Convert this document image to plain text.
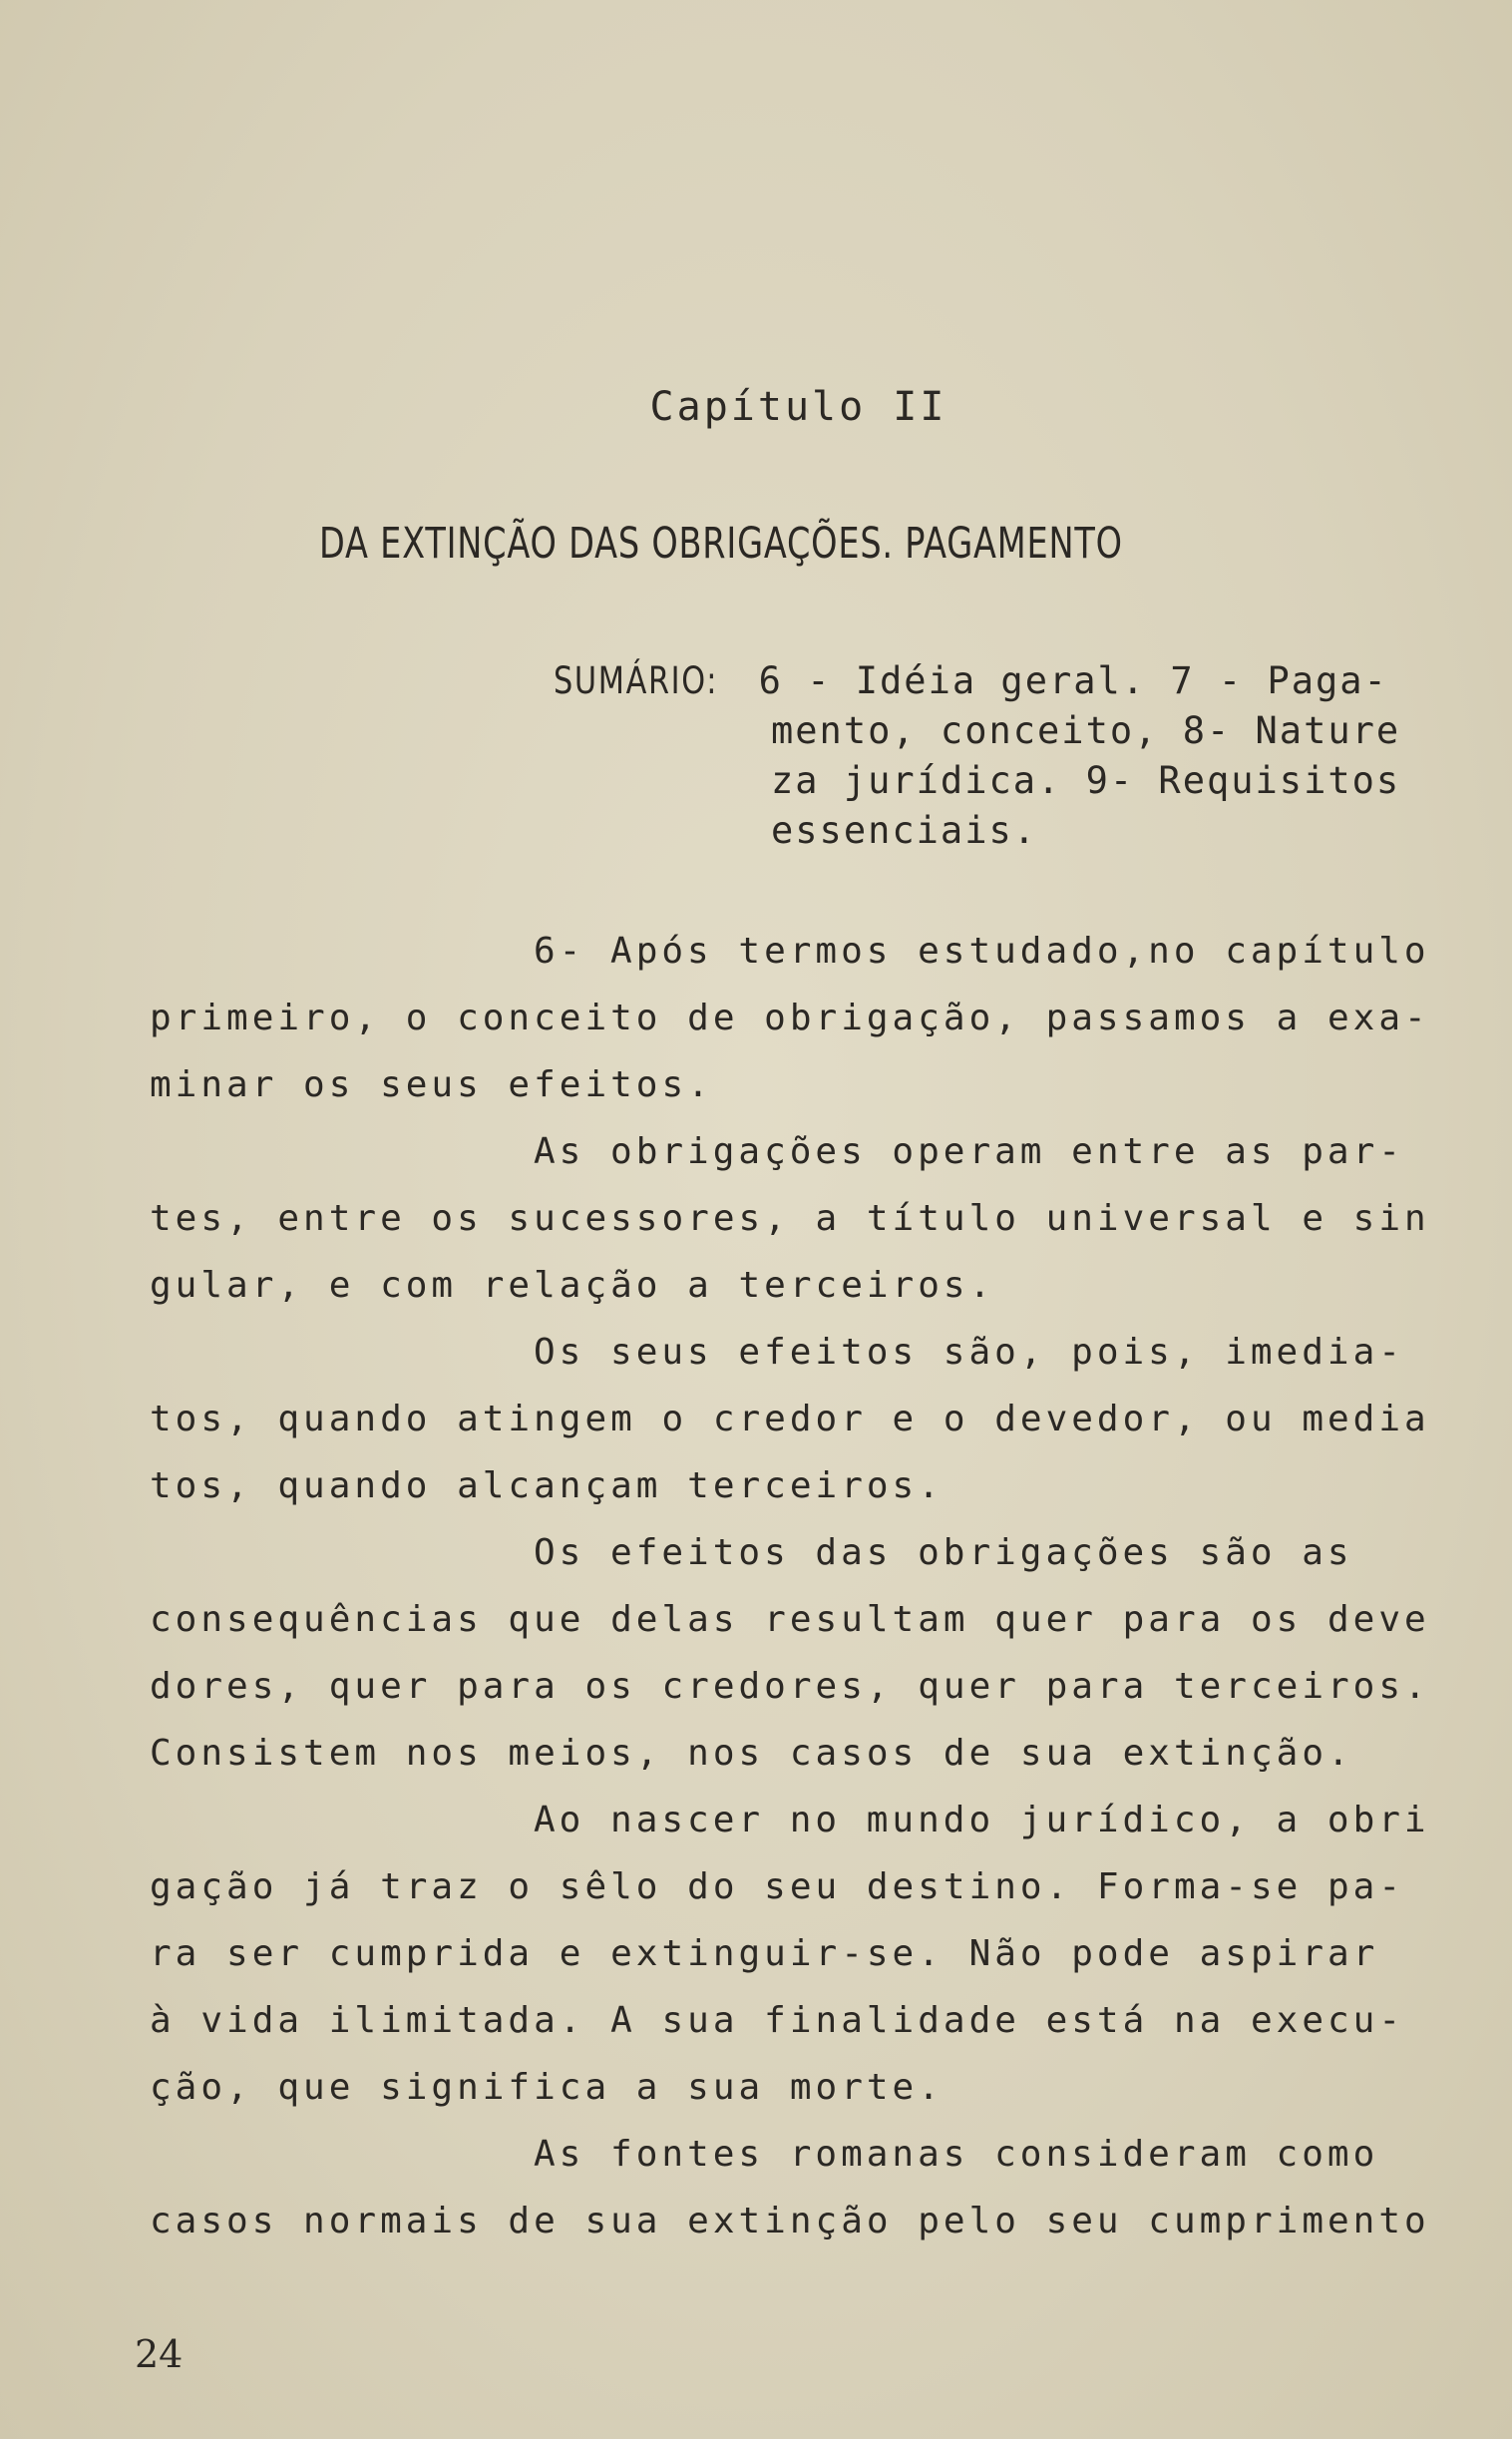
Capítulo II
DA EXTINÇÃO DAS OBRIGAÇÕES. PAGAMENTO
SUMÁRIO: 6 - Idéia geral. 7 - Paga-
mento, conceito, 8- Nature
za jurídica. 9- Requisitos
essenciais.
6- Após termos estudado,no capítulo
primeiro, o conceito de obrigação, passamos a exa-
minar os seus efeitos.
As obrigações operam entre as par-
tes, entre os sucessores, a título universal e sin
gular, e com relação a terceiros.
Os seus efeitos são, pois, imedia-
tos, quando atingem o credor e o devedor, ou media
tos, quando alcançam terceiros.
Os efeitos das obrigações são as
consequências que delas resultam quer para os deve
dores, quer para os credores, quer para terceiros.
Consistem nos meios, nos casos de sua extinção.
Ao nascer no mundo jurídico, a obri
gação já traz o sêlo do seu destino. Forma-se pa-
ra ser cumprida e extinguir-se. Não pode aspirar
à vida ilimitada. A sua finalidade está na execu-
ção, que significa a sua morte.
As fontes romanas consideram como
casos normais de sua extinção pelo seu cumprimento
24
